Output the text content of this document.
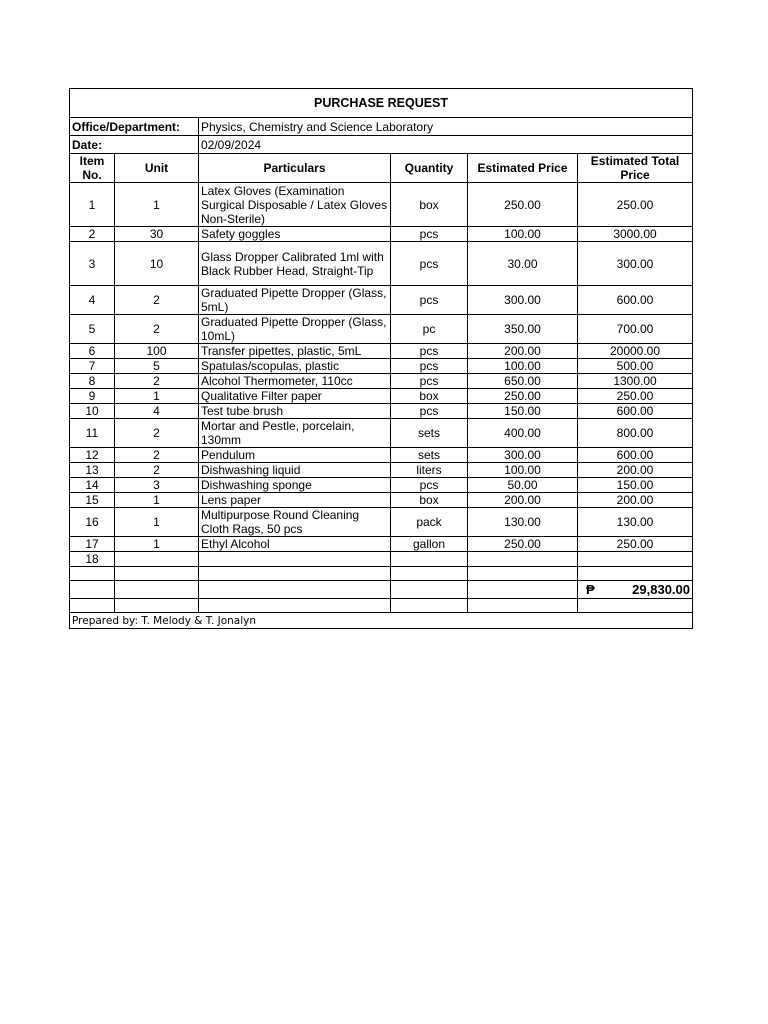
PURCHASE REQUEST					
Office/Department:		Physics, Chemistry and Science Laboratory			
Date:		02/09/2024			
Item No.	Unit	Particulars	Quantity	Estimated Price	Estimated Total Price
1	1	Latex Gloves (Examination Surgical Disposable / Latex Gloves Non-Sterile)	box	250.00	250.00
2	30	Safety goggles	pcs	100.00	3000.00
3	10	Glass Dropper Calibrated 1ml with Black Rubber Head, Straight-Tip	pcs	30.00	300.00
4	2	Graduated Pipette Dropper (Glass, 5mL)	pcs	300.00	600.00
5	2	Graduated Pipette Dropper (Glass, 10mL)	pc	350.00	700.00
6	100	Transfer pipettes, plastic, 5mL	pcs	200.00	20000.00
7	5	Spatulas/scopulas, plastic	pcs	100.00	500.00
8	2	Alcohol Thermometer, 110cc	pcs	650.00	1300.00
9	1	Qualitative Filter paper	box	250.00	250.00
10	4	Test tube brush	pcs	150.00	600.00
11	2	Mortar and Pestle, porcelain, 130mm	sets	400.00	800.00
12	2	Pendulum	sets	300.00	600.00
13	2	Dishwashing liquid	liters	100.00	200.00
14	3	Dishwashing sponge	pcs	50.00	150.00
15	1	Lens paper	box	200.00	200.00
16	1	Multipurpose Round Cleaning Cloth Rags, 50 pcs	pack	130.00	130.00
17	1	Ethyl Alcohol	gallon	250.00	250.00
18					

					₱ 29,830.00

Prepared by: T. Melody & T. Jonalyn					
